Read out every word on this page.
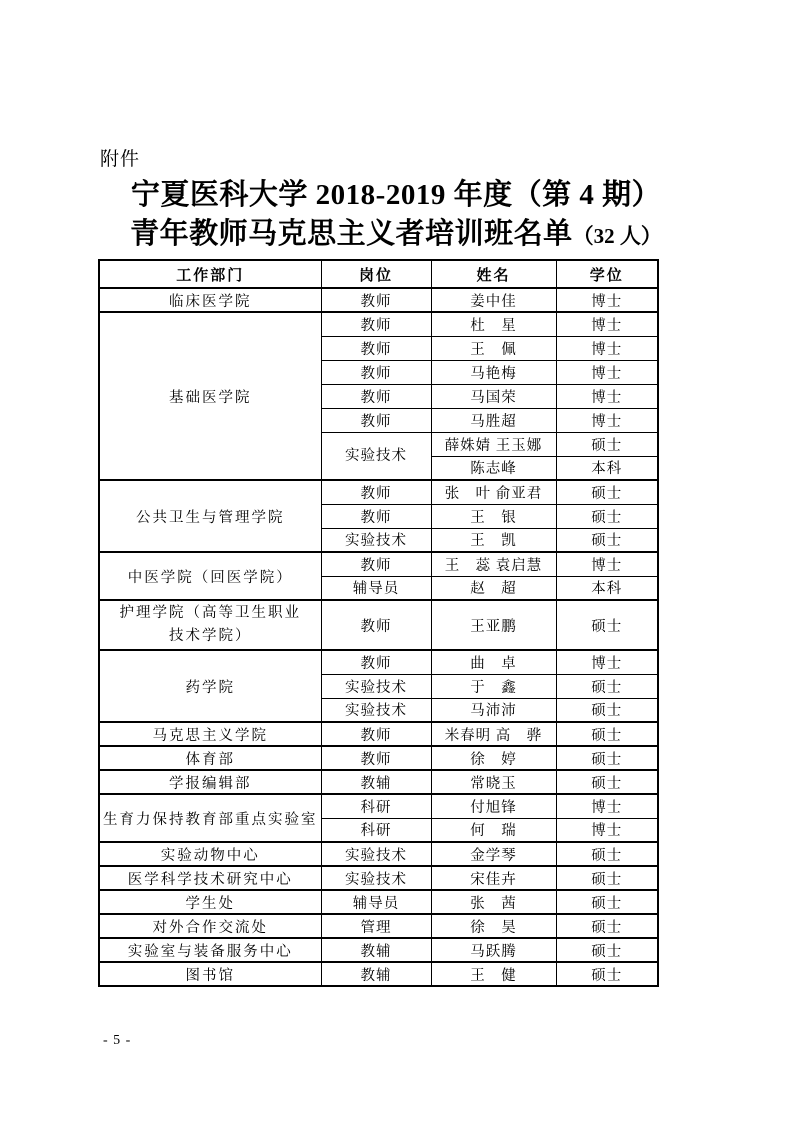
附件
宁夏医科大学 2018-2019 年度（第 4 期）
青年教师马克思主义者培训班名单（32 人）
工作部门	岗位	姓名	学位
临床医学院	教师	姜中佳	博士
基础医学院	教师	杜　星	博士
	教师	王　佩	博士
	教师	马艳梅	博士
	教师	马国荣	博士
	教师	马胜超	博士
	实验技术	薛姝婧 王玉娜	硕士
		陈志峰	本科
公共卫生与管理学院	教师	张　叶 俞亚君	硕士
	教师	王　银	硕士
	实验技术	王　凯	硕士
中医学院（回医学院）	教师	王　蕊 袁启慧	博士
	辅导员	赵　超	本科
护理学院（高等卫生职业技术学院）	教师	王亚鹏	硕士
药学院	教师	曲　卓	博士
	实验技术	于　鑫	硕士
	实验技术	马沛沛	硕士
马克思主义学院	教师	米春明 高　骅	硕士
体育部	教师	徐　婷	硕士
学报编辑部	教辅	常晓玉	硕士
生育力保持教育部重点实验室	科研	付旭锋	博士
	科研	何　瑞	博士
实验动物中心	实验技术	金学琴	硕士
医学科学技术研究中心	实验技术	宋佳卉	硕士
学生处	辅导员	张　茜	硕士
对外合作交流处	管理	徐　昊	硕士
实验室与装备服务中心	教辅	马跃腾	硕士
图书馆	教辅	王　健	硕士
- 5 -
